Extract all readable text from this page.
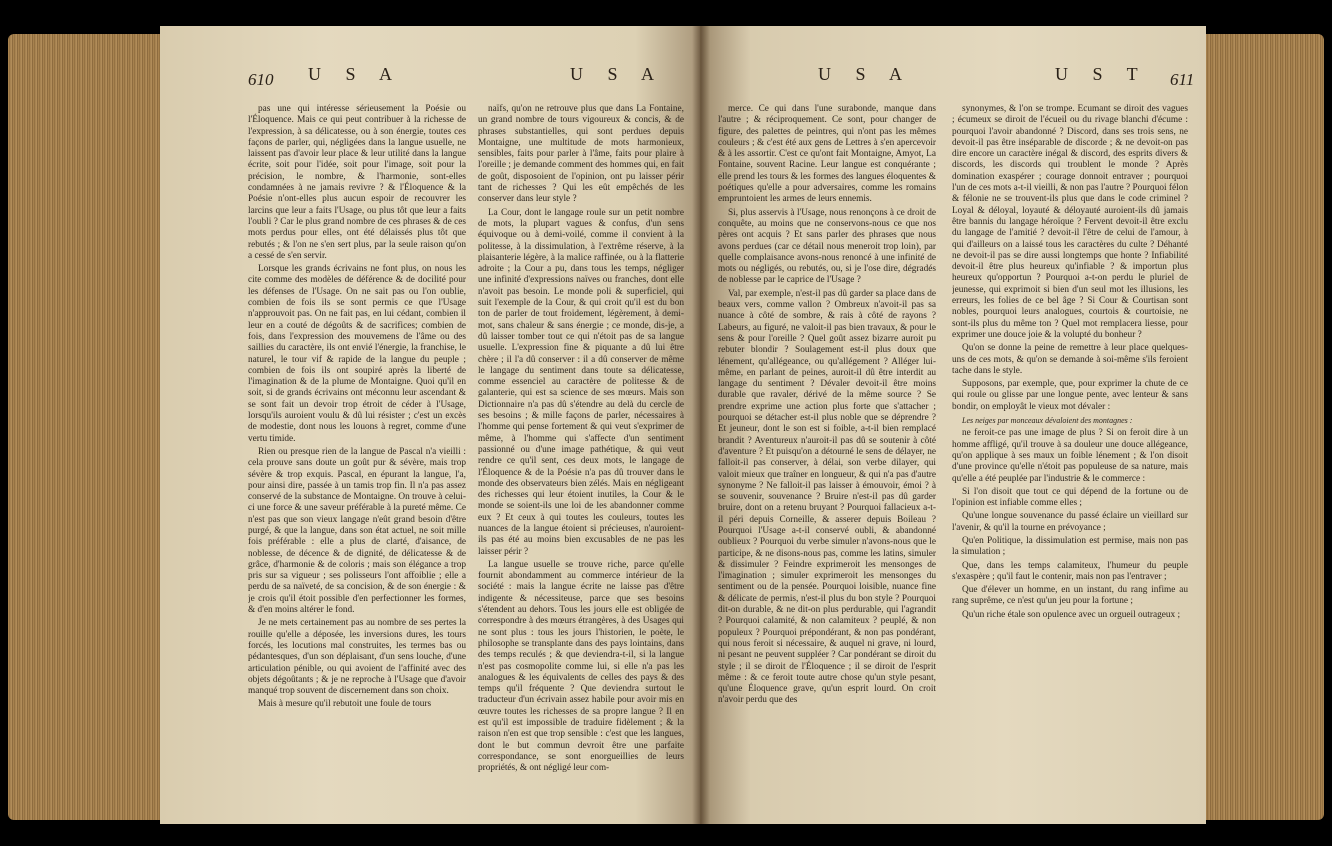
610 U S A	U S A

pas une qui intéresse sérieusement la Poésie ou l'Éloquence. Mais ce qui peut contribuer à la richesse de l'expression, à sa délicatesse, ou à son énergie, toutes ces façons de parler, qui, négligées dans la langue usuelle, ne laissent pas d'avoir leur place & leur utilité dans la langue écrite, soit pour l'idée, soit pour l'image, soit pour la précision, le nombre, & l'harmonie, sont-elles condamnées à ne jamais revivre ? & l'Éloquence & la Poésie n'ont-elles plus aucun espoir de recouvrer les larcins que leur a faits l'Usage, ou plus tôt que leur a faits l'oubli ? Car le plus grand nombre de ces phrases & de ces mots perdus pour elles, ont été délaissés plus tôt que rebutés ; & l'on ne s'en sert plus, par la seule raison qu'on a cessé de s'en servir.

Lorsque les grands écrivains ne font plus, on nous les cite comme des modèles de déférence & de docilité pour les défenses de l'Usage. On ne sait pas ou l'on oublie, combien de fois ils se sont permis ce que l'Usage n'approuvoit pas. On ne fait pas, en lui cédant, combien il leur en a couté de dégoûts & de sacrifices; combien de fois, dans l'expression des mouvemens de l'âme ou des saillies du caractère, ils ont envié l'énergie, la franchise, le naturel, le tour vif & rapide de la langue du peuple ; combien de fois ils ont soupiré après la liberté de l'imagination & de la plume de Montaigne. Quoi qu'il en soit, si de grands écrivains ont méconnu leur ascendant & se sont fait un devoir trop étroit de céder à l'Usage, lorsqu'ils auroient voulu & dû lui résister ; c'est un excès de modestie, dont nous les louons à regret, comme d'une vertu timide.

Rien ou presque rien de la langue de Pascal n'a vieilli : cela prouve sans doute un goût pur & sévère, mais trop sévère & trop exquis. Pascal, en épurant la langue, l'a, pour ainsi dire, passée à un tamis trop fin. Il n'a pas assez conservé de la substance de Montaigne. On trouve à celui-ci une force & une saveur préférable à la pureté même. Ce n'est pas que son vieux langage n'eût grand besoin d'être purgé, & que la langue, dans son état actuel, ne soit mille fois préférable : elle a plus de clarté, d'aisance, de noblesse, de décence & de dignité, de délicatesse & de grâce, d'harmonie & de coloris ; mais son élégance a trop pris sur sa vigueur ; ses polisseurs l'ont affoiblie ; elle a perdu de sa naïveté, de sa concision, & de son énergie : & je crois qu'il étoit possible d'en perfectionner les formes, & d'en moins altérer le fond.

Je ne mets certainement pas au nombre de ses pertes la rouille qu'elle a déposée, les inversions dures, les tours forcés, les locutions mal construites, les termes bas ou pédantesques, d'un son déplaisant, d'un sens louche, d'une articulation pénible, ou qui avoient de l'affinité avec des objets dégoûtants ; & je ne reproche à l'Usage que d'avoir manqué trop souvent de discernement dans son choix.

Mais à mesure qu'il rebutoit une foule de tours

naïfs, qu'on ne retrouve plus que dans La Fontaine, un grand nombre de tours vigoureux & concis, & de phrases substantielles, qui sont perdues depuis Montaigne, une multitude de mots harmonieux, sensibles, faits pour parler à l'âme, faits pour plaire à l'oreille ; je demande comment des hommes qui, en fait de goût, disposoient de l'opinion, ont pu laisser périr tant de richesses ? Qui les eût empêchés de les conserver dans leur style ?

La Cour, dont le langage roule sur un petit nombre de mots, la plupart vagues & confus, d'un sens équivoque ou à demi-voilé, comme il convient à la politesse, à la dissimulation, à l'extrême réserve, à la plaisanterie légère, à la malice raffinée, ou à la flatterie adroite ; la Cour a pu, dans tous les temps, négliger une infinité d'expressions naïves ou franches, dont elle n'avoit pas besoin. Le monde poli & superficiel, qui suit l'exemple de la Cour, & qui croit qu'il est du bon ton de parler de tout froidement, légèrement, à demi-mot, sans chaleur & sans énergie ; ce monde, dis-je, a dû laisser tomber tout ce qui n'étoit pas de sa langue usuelle. L'expression fine & piquante a dû lui être chère ; il l'a dû conserver : il a dû conserver de même le langage du sentiment dans toute sa délicatesse, comme essenciel au caractère de politesse & de galanterie, qui est sa science de ses mœurs. Mais son Dictionnaire n'a pas dû s'étendre au delà du cercle de ses besoins ; & mille façons de parler, nécessaires à l'homme qui pense fortement & qui veut s'exprimer de même, à l'homme qui s'affecte d'un sentiment passionné ou d'une image pathétique, & qui veut rendre ce qu'il sent, ces deux mots, le langage de l'Éloquence & de la Poésie n'a pas dû trouver dans le monde des observateurs bien zélés. Mais en négligeant des richesses qui leur étoient inutiles, la Cour & le monde se soient-ils une loi de les abandonner comme eux ? Et ceux à qui toutes les couleurs, toutes les nuances de la langue étoient si précieuses, n'auroient-ils pas été au moins bien excusables de ne pas les laisser périr ?

La langue usuelle se trouve riche, parce qu'elle fournit abondamment au commerce intérieur de la société : mais la langue écrite ne laisse pas d'être indigente & nécessiteuse, parce que ses besoins s'étendent au dehors. Tous les jours elle est obligée de correspondre à des mœurs étrangères, à des Usages qui ne sont plus : tous les jours l'historien, le poète, le philosophe se transplante dans des pays lointains, dans des temps reculés ; & que deviendra-t-il, si la langue n'est pas cosmopolite comme lui, si elle n'a pas les analogues & les équivalents de celles des pays & des temps qu'il fréquente ? Que deviendra surtout le traducteur d'un écrivain assez habile pour avoir mis en œuvre toutes les richesses de sa propre langue ? Il en est qu'il est impossible de traduire fidèlement ; & la raison n'en est que trop sensible : c'est que les langues, dont le but commun devroit être une parfaite correspondance, se sont enorgueillies de leurs propriétés, & ont négligé leur com-

U S A	U S T 611

merce. Ce qui dans l'une surabonde, manque dans l'autre ; & réciproquement. Ce sont, pour changer de figure, des palettes de peintres, qui n'ont pas les mêmes couleurs ; & c'est été aux gens de Lettres à s'en apercevoir & à les assortir. C'est ce qu'ont fait Montaigne, Amyot, La Fontaine, souvent Racine. Leur langue est conquérante ; elle prend les tours & les formes des langues éloquentes & poétiques qu'elle a pour adversaires, comme les romains empruntoient les armes de leurs ennemis.

Si, plus asservis à l'Usage, nous renonçons à ce droit de conquête, au moins que ne conservons-nous ce que nos pères ont acquis ? Et sans parler des phrases que nous avons perdues (car ce détail nous meneroit trop loin), par quelle complaisance avons-nous renoncé à une infinité de mots ou négligés, ou rebutés, ou, si je l'ose dire, dégradés de noblesse par le caprice de l'Usage ?

Val, par exemple, n'est-il pas dû garder sa place dans de beaux vers, comme vallon ? Ombreux n'avoit-il pas sa nuance à côté de sombre, & rais à côté de rayons ? Labeurs, au figuré, ne valoit-il pas bien travaux, & pour le sens & pour l'oreille ? Quel goût assez bizarre auroit pu rebuter blondir ? Soulagement est-il plus doux que lénement, qu'allégeance, ou qu'allégement ? Alléger lui-même, en parlant de peines, auroit-il dû être interdit au langage du sentiment ? Dévaler devoit-il être moins durable que ravaler, dérivé de la même source ? Se prendre exprime une action plus forte que s'attacher ; pourquoi se détacher est-il plus noble que se déprendre ? Et jeuneur, dont le son est si foible, a-t-il bien remplacé brandit ? Aventureux n'auroit-il pas dû se soutenir à côté d'aventure ? Et puisqu'on a détourné le sens de délayer, ne falloit-il pas conserver, à délai, son verbe dilayer, qui valoit mieux que traîner en longueur, & qui n'a pas d'autre synonyme ? Ne falloit-il pas laisser à émouvoir, émoi ? à se souvenir, souvenance ? Bruire n'est-il pas dû garder bruire, dont on a retenu bruyant ? Pourquoi fallacieux a-t-il péri depuis Corneille, & asserer depuis Boileau ? Pourquoi l'Usage a-t-il conservé oubli, & abandonné oublieux ? Pourquoi du verbe simuler n'avons-nous que le participe, & ne disons-nous pas, comme les latins, simuler & dissimuler ? Feindre exprimeroit les mensonges de l'imagination ; simuler exprimeroit les mensonges du sentiment ou de la pensée. Pourquoi loisible, nuance fine & délicate de permis, n'est-il plus du bon style ? Pourquoi dit-on durable, & ne dit-on plus perdurable, qui l'agrandit ? Pourquoi calamité, & non calamiteux ? peuplé, & non populeux ? Pourquoi prépondérant, & non pas pondérant, qui nous feroit si nécessaire, & auquel ni grave, ni lourd, ni pesant ne peuvent suppléer ? Car pondérant se diroit du style ; il se diroit de l'Éloquence ; il se diroit de l'esprit même : & ce feroit toute autre chose qu'un style pesant, qu'une Éloquence grave, qu'un esprit lourd. On croit n'avoir perdu que des

synonymes, & l'on se trompe. Écumant se diroit des vagues ; écumeux se diroit de l'écueil ou du rivage blanchi d'écume : pourquoi l'avoir abandonné ? Discord, dans ses trois sens, ne devoit-il pas être inséparable de discorde ; & ne devoit-on pas dire encore un caractère inégal & discord, des esprits divers & discords, les discords qui troublent le monde ? Après domination exaspérer ; courage donnoit entraver ; pourquoi l'un de ces mots a-t-il vieilli, & non pas l'autre ? Pourquoi félon & félonie ne se trouvent-ils plus que dans le code criminel ? Loyal & déloyal, loyauté & déloyauté auroient-ils dû jamais être bannis du langage héroïque ? Fervent devoit-il être exclu du langage de l'amitié ? devoit-il l'être de celui de l'amour, à qui d'ailleurs on a laissé tous les caractères du culte ? Déhanté ne devoit-il pas se dire aussi longtemps que honte ? Infiabilité devoit-il être plus heureux qu'infiable ? & importun plus heureux qu'opportun ? Pourquoi a-t-on perdu le pluriel de jeunesse, qui exprimoit si bien d'un seul mot les illusions, les erreurs, les folies de ce bel âge ? Si Cour & Courtisan sont nobles, pourquoi leurs analogues, courtois & courtoisie, ne sont-ils plus du même ton ? Quel mot remplacera liesse, pour exprimer une douce joie & la volupté du bonheur ?

Qu'on se donne la peine de remettre à leur place quelques-uns de ces mots, & qu'on se demande à soi-même s'ils feroient tache dans le style.

Supposons, par exemple, que, pour exprimer la chute de ce qui roule ou glisse par une longue pente, avec lenteur & sans bondir, on employât le vieux mot dévaler :

Les neiges par monceaux dévaloient des montagnes :

ne feroit-ce pas une image de plus ? Si on feroit dire à un homme affligé, qu'il trouve à sa douleur une douce allégeance, qu'on applique à ses maux un foible lénement ; & l'on disoit d'une province qu'elle n'étoit pas populeuse de sa nature, mais qu'elle a été peuplée par l'industrie & le commerce :

Si l'on disoit que tout ce qui dépend de la fortune ou de l'opinion est infiable comme elles ;

Qu'une longue souvenance du passé éclaire un vieillard sur l'avenir, & qu'il la tourne en prévoyance ;

Qu'en Politique, la dissimulation est permise, mais non pas la simulation ;

Que, dans les temps calamiteux, l'humeur du peuple s'exaspère ; qu'il faut le contenir, mais non pas l'entraver ;

Que d'élever un homme, en un instant, du rang infime au rang suprême, ce n'est qu'un jeu pour la fortune ;

Qu'un riche étale son opulence avec un orgueil outrageux ;
